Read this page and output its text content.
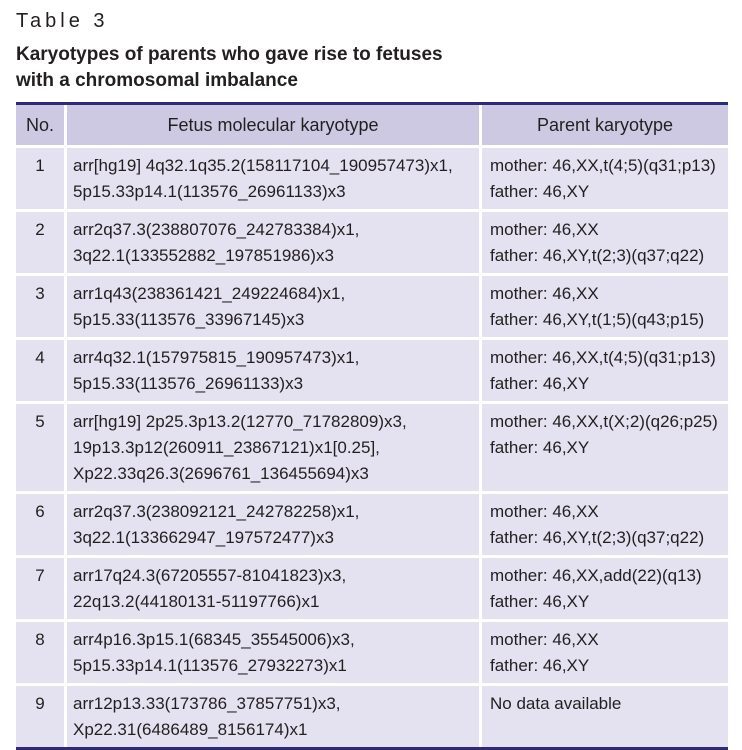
Table 3
Karyotypes of parents who gave rise to fetuses
with a chromosomal imbalance
No.	Fetus molecular karyotype	Parent karyotype
1	arr[hg19] 4q32.1q35.2(158117104_190957473)x1,
5p15.33p14.1(113576_26961133)x3	mother: 46,XX,t(4;5)(q31;p13)
father: 46,XY

2	arr2q37.3(238807076_242783384)x1,
3q22.1(133552882_197851986)x3	mother: 46,XX
father: 46,XY,t(2;3)(q37;q22)

3	arr1q43(238361421_249224684)x1,
5p15.33(113576_33967145)x3	mother: 46,XX
father: 46,XY,t(1;5)(q43;p15)

4	arr4q32.1(157975815_190957473)x1,
5p15.33(113576_26961133)x3	mother: 46,XX,t(4;5)(q31;p13)
father: 46,XY

5	arr[hg19] 2p25.3p13.2(12770_71782809)x3,
19p13.3p12(260911_23867121)x1[0.25],
Xp22.33q26.3(2696761_136455694)x3	mother: 46,XX,t(X;2)(q26;p25)
father: 46,XY

6	arr2q37.3(238092121_242782258)x1,
3q22.1(133662947_197572477)x3	mother: 46,XX
father: 46,XY,t(2;3)(q37;q22)

7	arr17q24.3(67205557-81041823)x3,
22q13.2(44180131-51197766)x1	mother: 46,XX,add(22)(q13)
father: 46,XY

8	arr4p16.3p15.1(68345_35545006)x3,
5p15.33p14.1(113576_27932273)x1	mother: 46,XX
father: 46,XY

9	arr12p13.33(173786_37857751)x3,
Xp22.31(6486489_8156174)x1	No data available
